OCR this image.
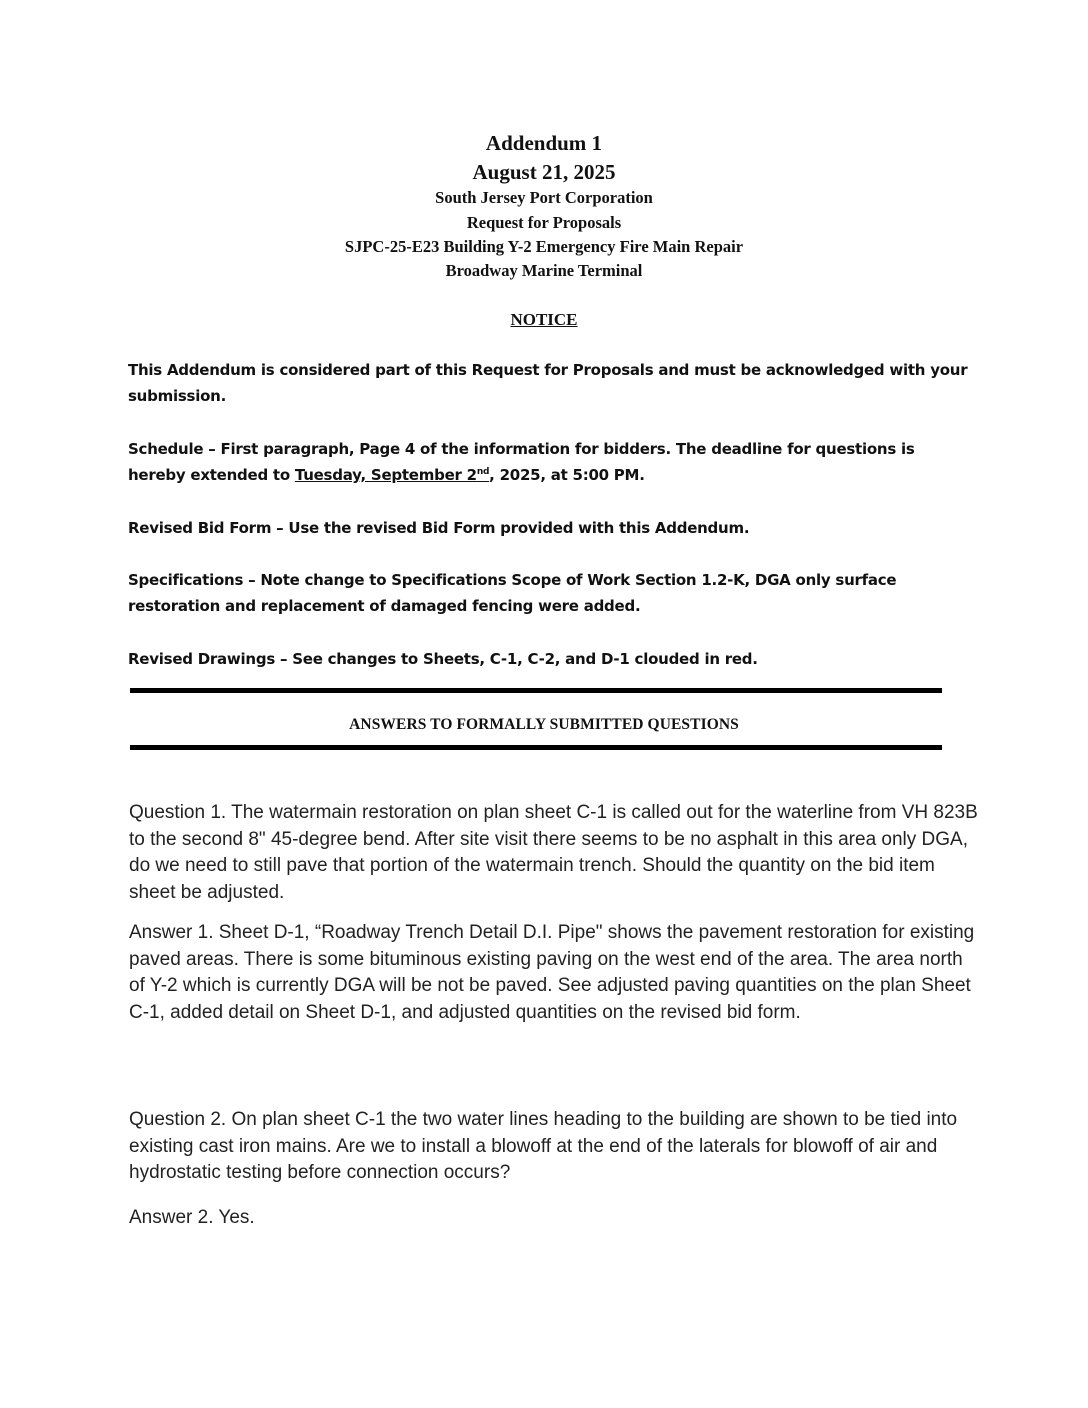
Addendum 1
August 21, 2025
South Jersey Port Corporation
Request for Proposals
SJPC-25-E23 Building Y-2 Emergency Fire Main Repair
Broadway Marine Terminal
NOTICE
This Addendum is considered part of this Request for Proposals and must be acknowledged with your submission.
Schedule – First paragraph, Page 4 of the information for bidders. The deadline for questions is hereby extended to Tuesday, September 2nd, 2025, at 5:00 PM.
Revised Bid Form – Use the revised Bid Form provided with this Addendum.
Specifications – Note change to Specifications Scope of Work Section 1.2-K, DGA only surface restoration and replacement of damaged fencing were added.
Revised Drawings – See changes to Sheets, C-1, C-2, and D-1 clouded in red.
ANSWERS TO FORMALLY SUBMITTED QUESTIONS
Question 1. The watermain restoration on plan sheet C-1 is called out for the waterline from VH 823B to the second 8" 45-degree bend. After site visit there seems to be no asphalt in this area only DGA, do we need to still pave that portion of the watermain trench. Should the quantity on the bid item sheet be adjusted.
Answer 1. Sheet D-1, “Roadway Trench Detail D.I. Pipe" shows the pavement restoration for existing paved areas. There is some bituminous existing paving on the west end of the area. The area north of Y-2 which is currently DGA will be not be paved. See adjusted paving quantities on the plan Sheet C-1, added detail on Sheet D-1, and adjusted quantities on the revised bid form.
Question 2. On plan sheet C-1 the two water lines heading to the building are shown to be tied into existing cast iron mains. Are we to install a blowoff at the end of the laterals for blowoff of air and hydrostatic testing before connection occurs?
Answer 2. Yes.
